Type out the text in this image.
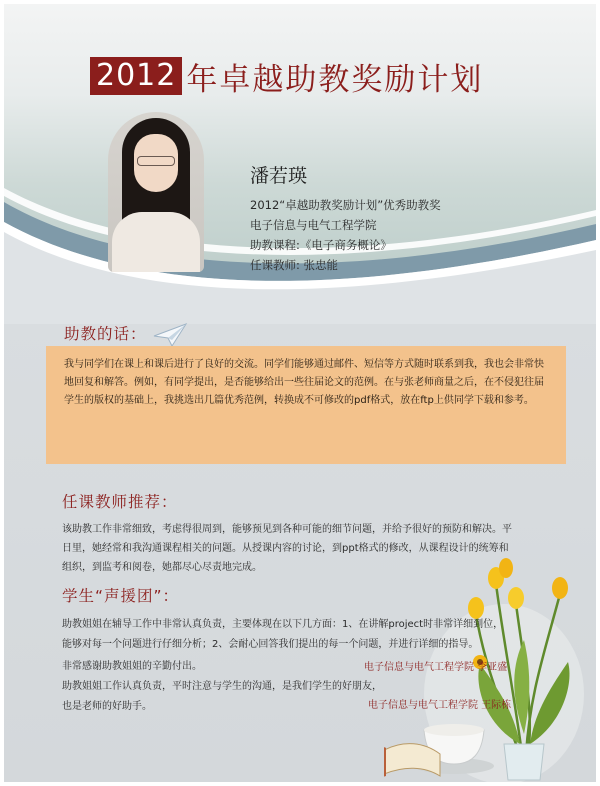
2012 年卓越助教奖励计划
潘若瑛
2012“卓越助教奖励计划”优秀助教奖
电子信息与电气工程学院
助教课程:《电子商务概论》
任课教师: 张忠能
助教的话：
我与同学们在课上和课后进行了良好的交流。同学们能够通过邮件、短信等方式随时联系到我，我也会非常快
地回复和解答。例如，有同学提出，是否能够给出一些往届论文的范例。在与张老师商量之后，在不侵犯往届
学生的版权的基础上，我挑选出几篇优秀范例，转换成不可修改的pdf格式，放在ftp上供同学下载和参考。
任课教师推荐：
该助教工作非常细致，考虑得很周到，能够预见到各种可能的细节问题，并给予很好的预防和解决。平
日里，她经常和我沟通课程相关的问题。从授课内容的讨论，到ppt格式的修改，从课程设计的统筹和
组织，到监考和阅卷，她都尽心尽责地完成。
学生“声援团”：
助教姐姐在辅导工作中非常认真负责，主要体现在以下几方面：1、在讲解project时非常详细到位，
能够对每一个问题进行仔细分析；2、会耐心回答我们提出的每一个问题，并进行详细的指导。
电子信息与电气工程学院 李亚盛
非常感谢助教姐姐的辛勤付出。
助教姐姐工作认真负责，平时注意与学生的沟通，是我们学生的好朋友，
电子信息与电气工程学院 王际栋
也是老师的好助手。
